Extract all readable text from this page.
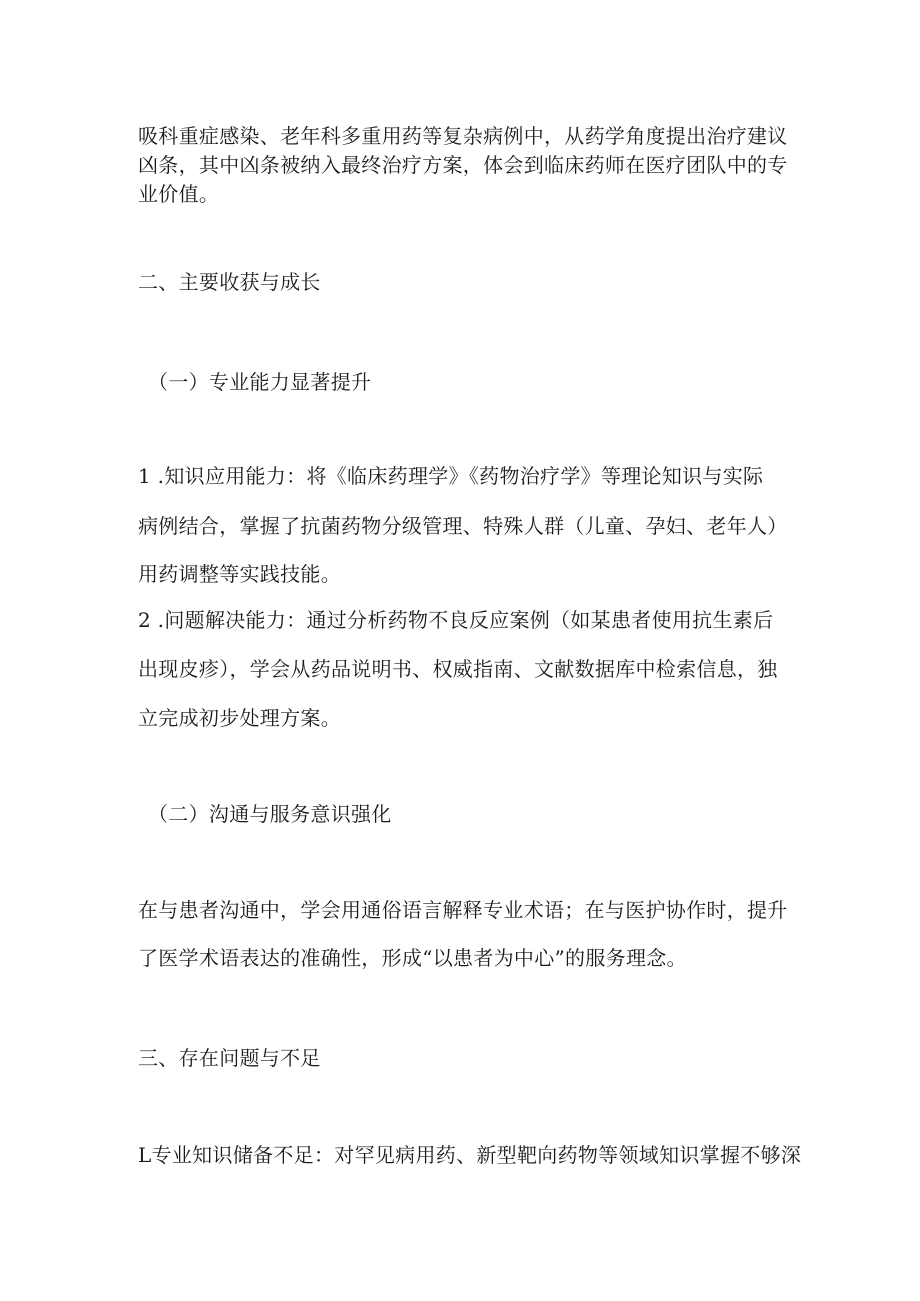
吸科重症感染、老年科多重用药等复杂病例中，从药学角度提出治疗建议
凶条，其中凶条被纳入最终治疗方案，体会到临床药师在医疗团队中的专
业价值。
二、主要收获与成长
（一）专业能力显著提升
1 .知识应用能力：将《临床药理学》《药物治疗学》等理论知识与实际
病例结合，掌握了抗菌药物分级管理、特殊人群（儿童、孕妇、老年人）
用药调整等实践技能。
2 .问题解决能力：通过分析药物不良反应案例（如某患者使用抗生素后
出现皮疹），学会从药品说明书、权威指南、文献数据库中检索信息，独
立完成初步处理方案。
（二）沟通与服务意识强化
在与患者沟通中，学会用通俗语言解释专业术语；在与医护协作时，提升
了医学术语表达的准确性，形成“以患者为中心”的服务理念。
三、存在问题与不足
L专业知识储备不足：对罕见病用药、新型靶向药物等领域知识掌握不够深
